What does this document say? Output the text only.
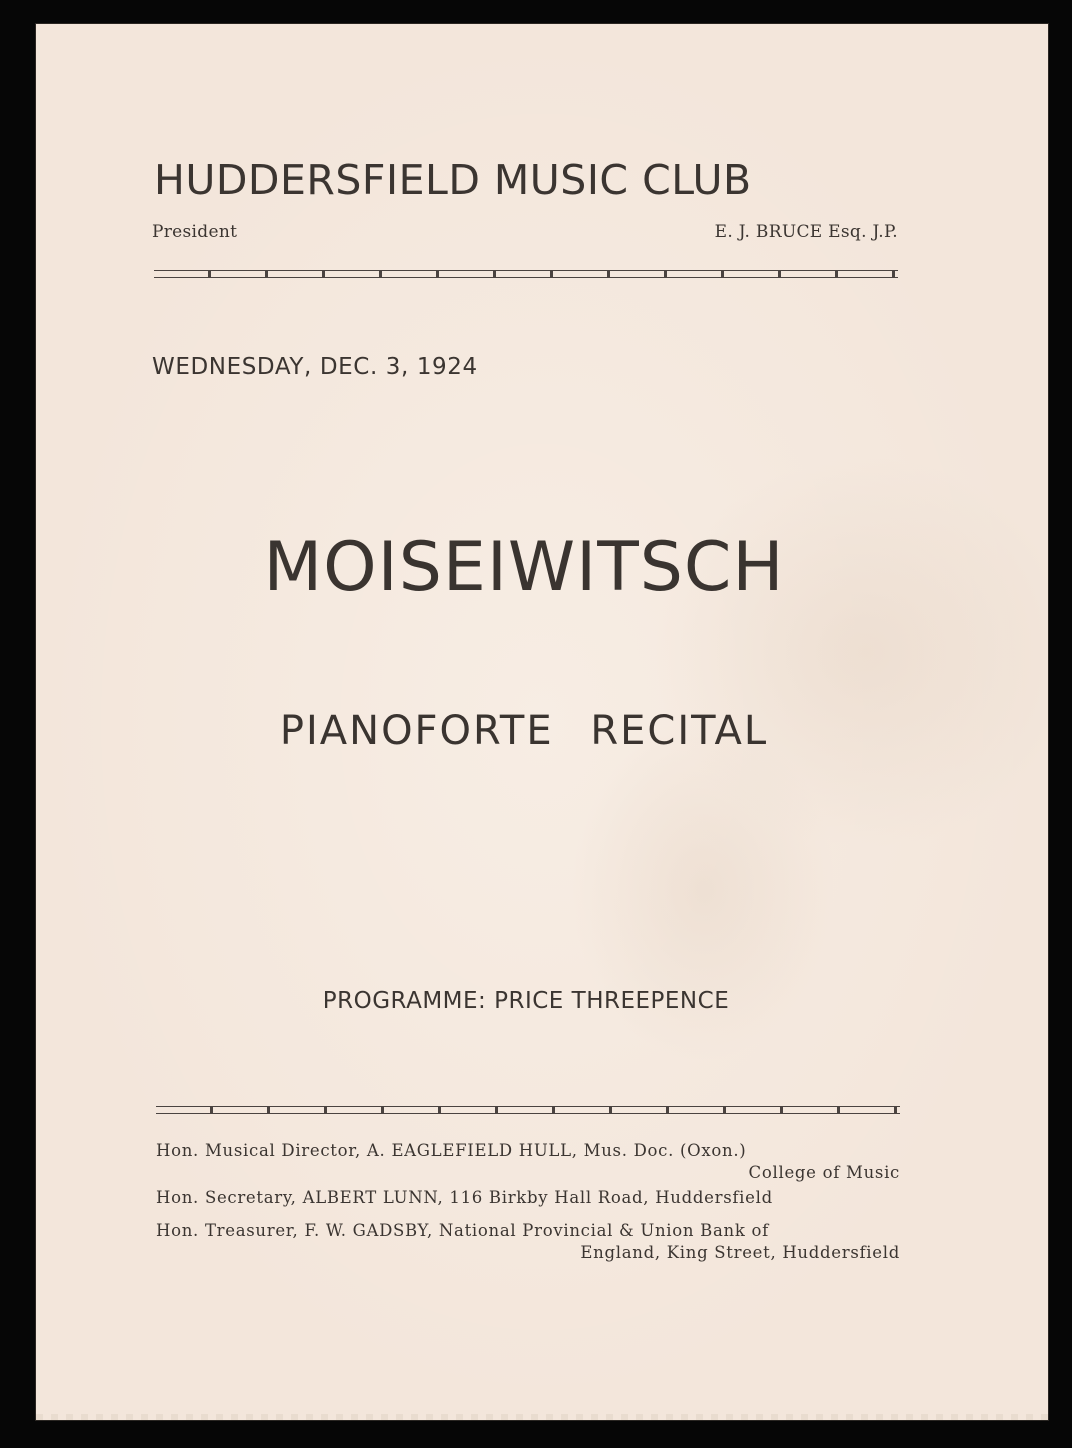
HUDDERSFIELD MUSIC CLUB
President	E. J. BRUCE Esq. J.P.
WEDNESDAY, DEC. 3, 1924
MOISEIWITSCH
PIANOFORTE RECITAL
PROGRAMME: PRICE THREEPENCE
Hon. Musical Director, A. EAGLEFIELD HULL, Mus. Doc. (Oxon.)
College of Music
Hon. Secretary, ALBERT LUNN, 116 Birkby Hall Road, Huddersfield
Hon. Treasurer, F. W. GADSBY, National Provincial & Union Bank of
England, King Street, Huddersfield
